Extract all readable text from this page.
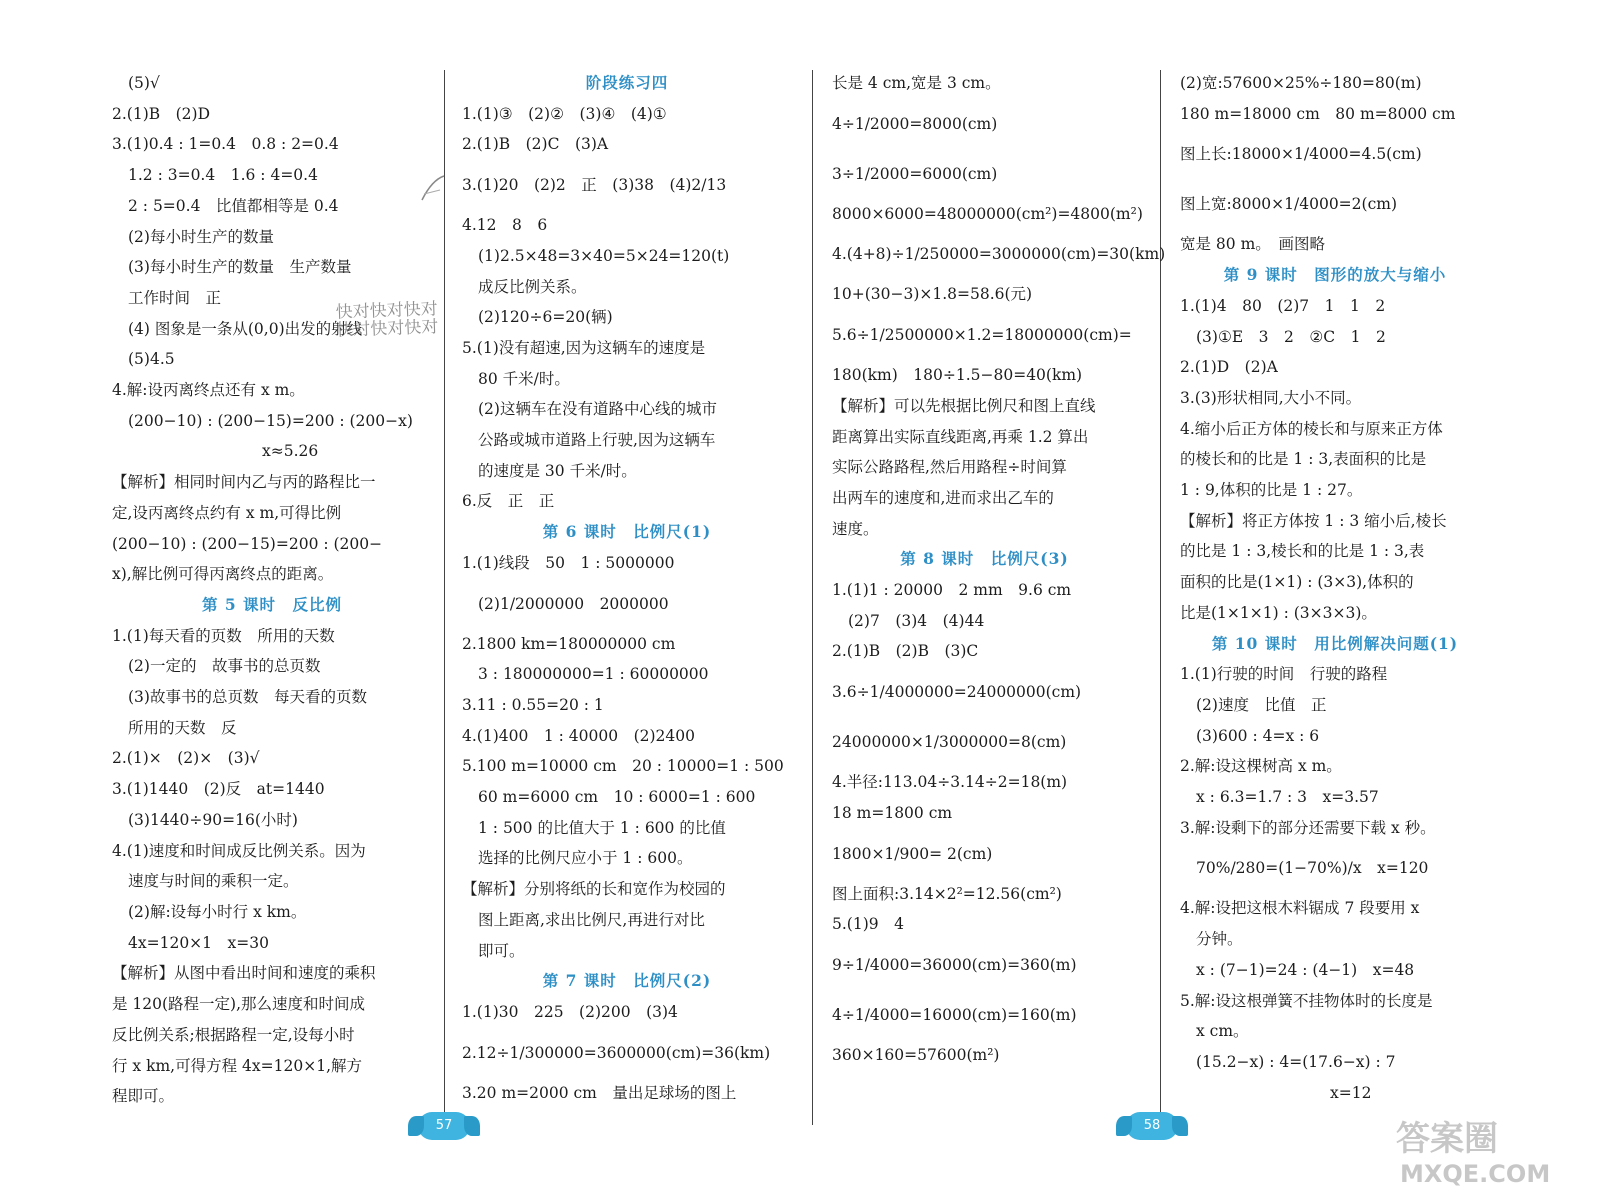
(5)√
2.(1)B　(2)D
3.(1)0.4 : 1=0.4　0.8 : 2=0.4
1.2 : 3=0.4　1.6 : 4=0.4
2 : 5=0.4　比值都相等是 0.4
(2)每小时生产的数量
(3)每小时生产的数量　生产数量
工作时间　正
(4) 图象是一条从(0,0)出发的射线
(5)4.5
4.解:设丙离终点还有 x m。
(200−10) : (200−15)=200 : (200−x)
x≈5.26
【解析】相同时间内乙与丙的路程比一
定,设丙离终点约有 x m,可得比例
(200−10) : (200−15)=200 : (200−
x),解比例可得丙离终点的距离。
第 5 课时　反比例
1.(1)每天看的页数　所用的天数
(2)一定的　故事书的总页数
(3)故事书的总页数　每天看的页数
所用的天数　反
2.(1)×　(2)×　(3)√
3.(1)1440　(2)反　at=1440
(3)1440÷90=16(小时)
4.(1)速度和时间成反比例关系。因为
速度与时间的乘积一定。
(2)解:设每小时行 x km。
4x=120×1　x=30
【解析】从图中看出时间和速度的乘积
是 120(路程一定),那么速度和时间成
反比例关系;根据路程一定,设每小时
行 x km,可得方程 4x=120×1,解方
程即可。
阶段练习四
1.(1)③　(2)②　(3)④　(4)①
2.(1)B　(2)C　(3)A
3.(1)20　(2)2　正　(3)38　(4)2/13
4.12　8　6
(1)2.5×48=3×40=5×24=120(t)
成反比例关系。
(2)120÷6=20(辆)
5.(1)没有超速,因为这辆车的速度是
80 千米/时。
(2)这辆车在没有道路中心线的城市
公路或城市道路上行驶,因为这辆车
的速度是 30 千米/时。
6.反　正　正
第 6 课时　比例尺(1)
1.(1)线段　50　1 : 5000000
(2)1/2000000　2000000
2.1800 km=180000000 cm
3 : 180000000=1 : 60000000
3.11 : 0.55=20 : 1
4.(1)400　1 : 40000　(2)2400
5.100 m=10000 cm　20 : 10000=1 : 500
60 m=6000 cm　10 : 6000=1 : 600
1 : 500 的比值大于 1 : 600 的比值
选择的比例尺应小于 1 : 600。
【解析】分别将纸的长和宽作为校园的
图上距离,求出比例尺,再进行对比
即可。
第 7 课时　比例尺(2)
1.(1)30　225　(2)200　(3)4
2.12÷1/300000=3600000(cm)=36(km)
3.20 m=2000 cm　量出足球场的图上
长是 4 cm,宽是 3 cm。
4÷1/2000=8000(cm)
3÷1/2000=6000(cm)
8000×6000=48000000(cm²)=4800(m²)
4.(4+8)÷1/250000=3000000(cm)=30(km)
10+(30−3)×1.8=58.6(元)
5.6÷1/2500000×1.2=18000000(cm)=
180(km)　180÷1.5−80=40(km)
【解析】可以先根据比例尺和图上直线
距离算出实际直线距离,再乘 1.2 算出
实际公路路程,然后用路程÷时间算
出两车的速度和,进而求出乙车的
速度。
第 8 课时　比例尺(3)
1.(1)1 : 20000　2 mm　9.6 cm
(2)7　(3)4　(4)44
2.(1)B　(2)B　(3)C
3.6÷1/4000000=24000000(cm)
24000000×1/3000000=8(cm)
4.半径:113.04÷3.14÷2=18(m)
18 m=1800 cm
1800×1/900= 2(cm)
图上面积:3.14×2²=12.56(cm²)
5.(1)9　4
9÷1/4000=36000(cm)=360(m)
4÷1/4000=16000(cm)=160(m)
360×160=57600(m²)
(2)宽:57600×25%÷180=80(m)
180 m=18000 cm　80 m=8000 cm
图上长:18000×1/4000=4.5(cm)
图上宽:8000×1/4000=2(cm)
宽是 80 m。　画图略
第 9 课时　图形的放大与缩小
1.(1)4　80　(2)7　1　1　2
(3)①E　3　2　②C　1　2
2.(1)D　(2)A
3.(3)形状相同,大小不同。
4.缩小后正方体的棱长和与原来正方体
的棱长和的比是 1 : 3,表面积的比是
1 : 9,体积的比是 1 : 27。
【解析】将正方体按 1 : 3 缩小后,棱长
的比是 1 : 3,棱长和的比是 1 : 3,表
面积的比是(1×1) : (3×3),体积的
比是(1×1×1) : (3×3×3)。
第 10 课时　用比例解决问题(1)
1.(1)行驶的时间　行驶的路程
(2)速度　比值　正
(3)600 : 4=x : 6
2.解:设这棵树高 x m。
x : 6.3=1.7 : 3　x=3.57
3.解:设剩下的部分还需要下载 x 秒。
70%/280=(1−70%)/x　x=120
4.解:设把这根木料锯成 7 段要用 x
分钟。
x : (7−1)=24 : (4−1)　x=48
5.解:设这根弹簧不挂物体时的长度是
x cm。
(15.2−x) : 4=(17.6−x) : 7
x=12
快对快对快对
快对快对快对
57	58	答案圈
MXQE.COM
